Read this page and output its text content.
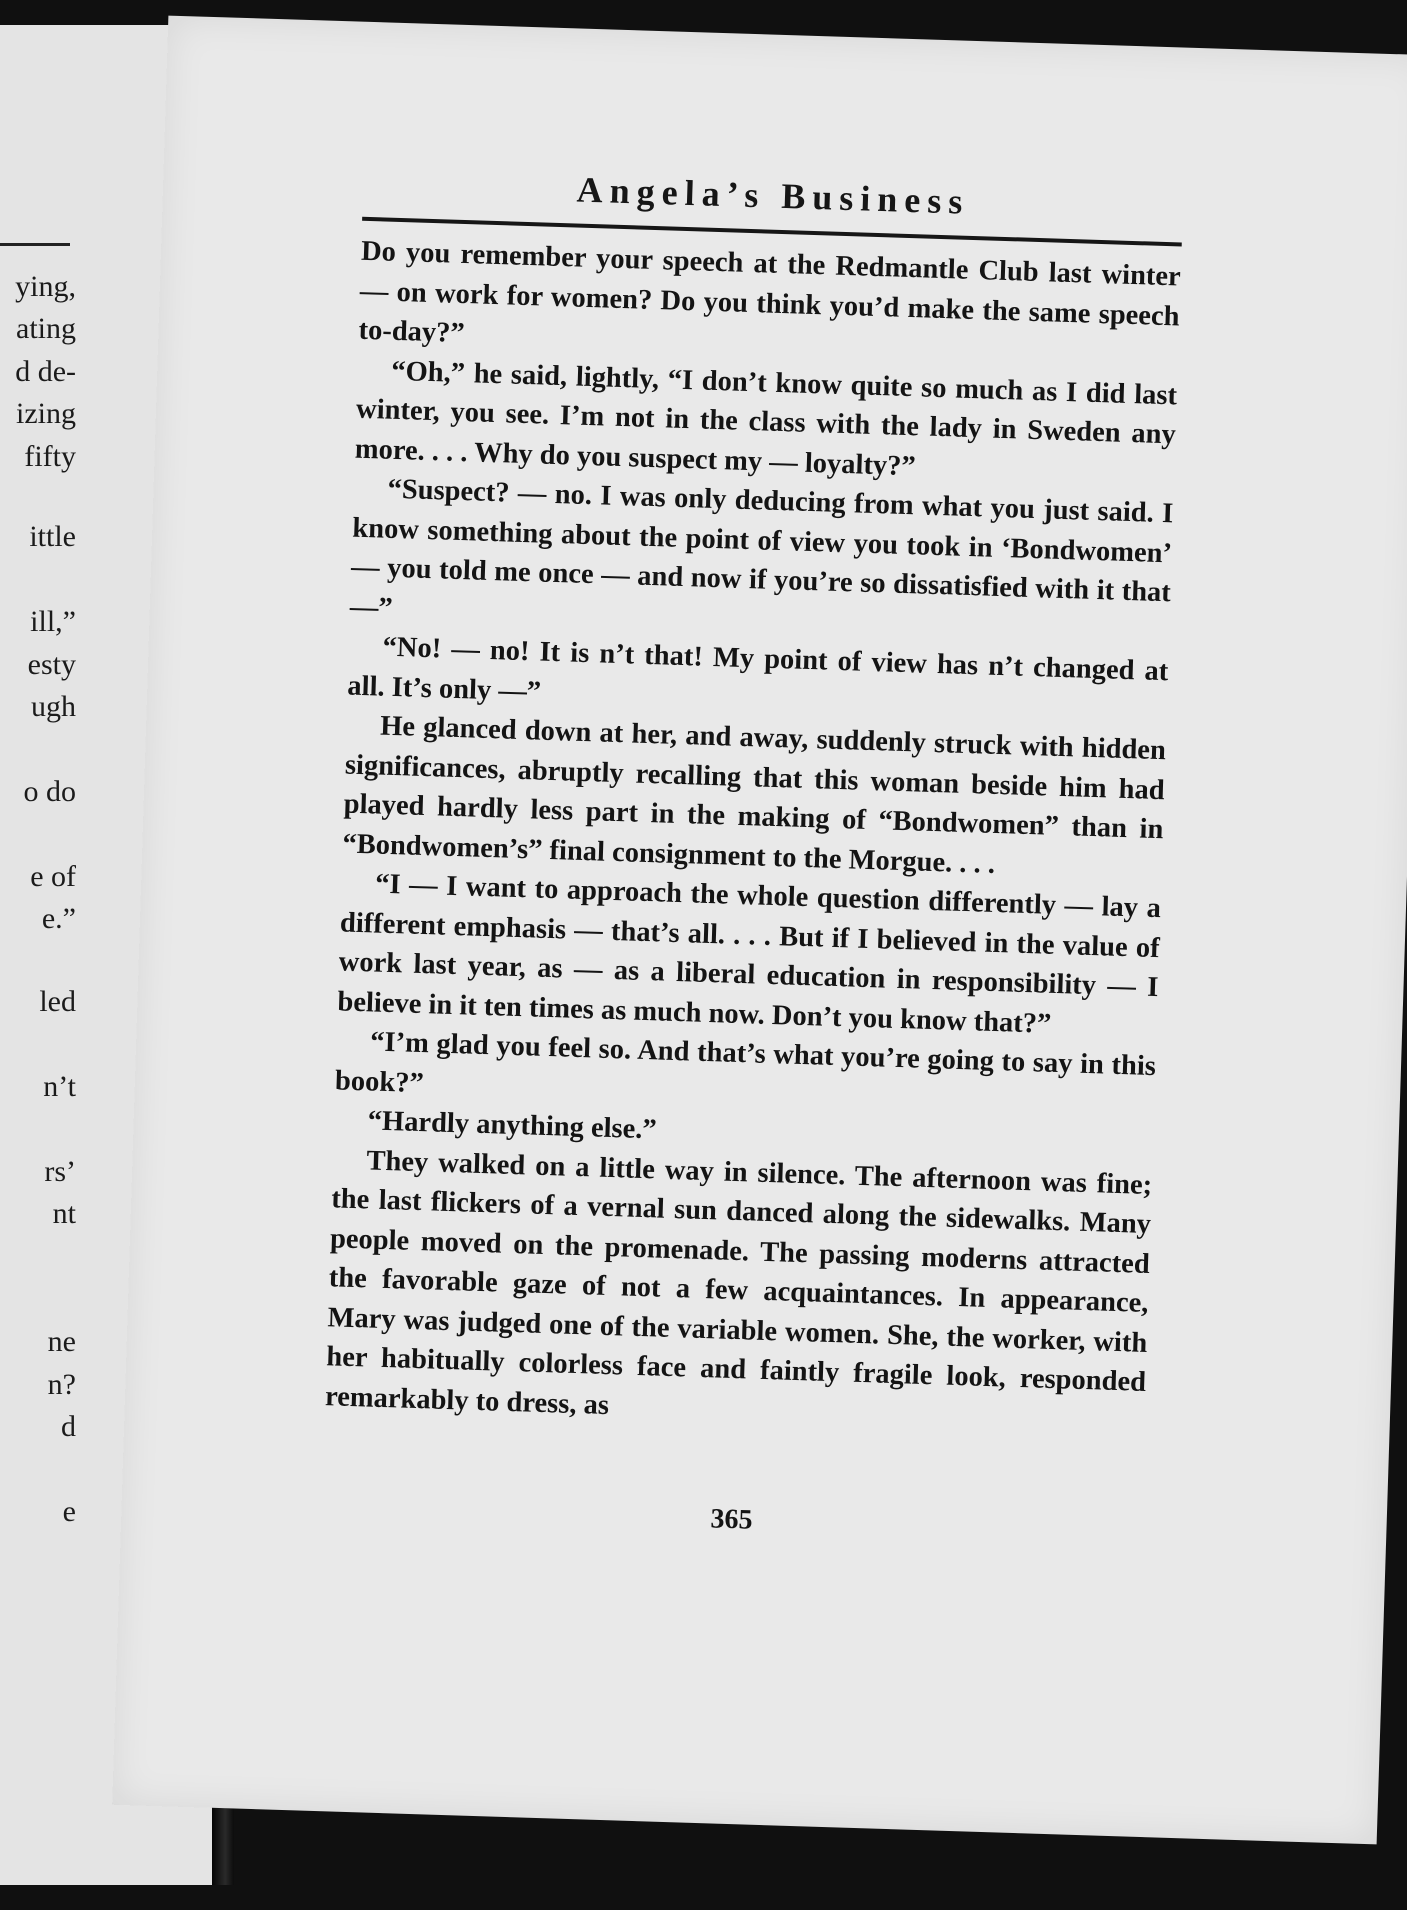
ying,
ating
d de-
izing
fifty
ittle
ill,”
esty
ugh
o do
e of
e.”
led
n’t
rs’
nt
ne
n?
d
e
Angela’s Business

Do you remember your speech at the Redmantle Club last winter — on work for women? Do you think you’d make the same speech to-day?”

“Oh,” he said, lightly, “I don’t know quite so much as I did last winter, you see. I’m not in the class with the lady in Sweden any more. . . . Why do you suspect my — loyalty?”

“Suspect? — no. I was only deducing from what you just said. I know something about the point of view you took in ‘Bondwomen’ — you told me once — and now if you’re so dissatisfied with it that —”

“No! — no! It is n’t that! My point of view has n’t changed at all. It’s only —”

He glanced down at her, and away, suddenly struck with hidden significances, abruptly recalling that this woman beside him had played hardly less part in the making of “Bondwomen” than in “Bondwomen’s” final consignment to the Morgue. . . .

“I — I want to approach the whole question differently — lay a different emphasis — that’s all. . . . But if I believed in the value of work last year, as — as a liberal education in responsibility — I believe in it ten times as much now. Don’t you know that?”

“I’m glad you feel so. And that’s what you’re going to say in this book?”

“Hardly anything else.”

They walked on a little way in silence. The afternoon was fine; the last flickers of a vernal sun danced along the sidewalks. Many people moved on the promenade. The passing moderns attracted the favorable gaze of not a few acquaintances. In appearance, Mary was judged one of the variable women. She, the worker, with her habitually colorless face and faintly fragile look, responded remarkably to dress, as

365
